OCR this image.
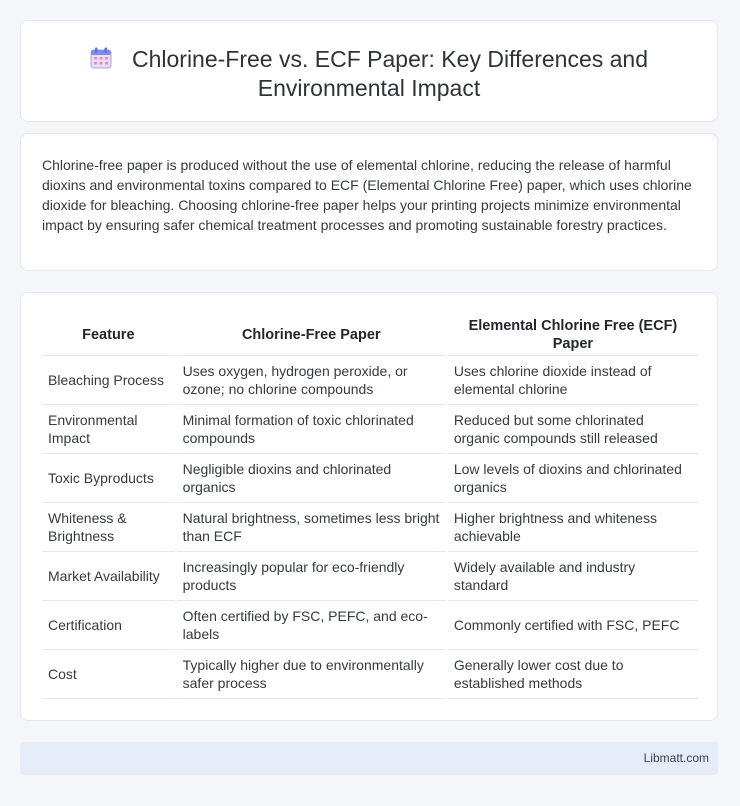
Chlorine-Free vs. ECF Paper: Key Differences and Environmental Impact
Chlorine-free paper is produced without the use of elemental chlorine, reducing the release of harmful dioxins and environmental toxins compared to ECF (Elemental Chlorine Free) paper, which uses chlorine dioxide for bleaching. Choosing chlorine-free paper helps your printing projects minimize environmental impact by ensuring safer chemical treatment processes and promoting sustainable forestry practices.
Feature	Chlorine-Free Paper	Elemental Chlorine Free (ECF) Paper
Bleaching Process	Uses oxygen, hydrogen peroxide, or ozone; no chlorine compounds	Uses chlorine dioxide instead of elemental chlorine
Environmental Impact	Minimal formation of toxic chlorinated compounds	Reduced but some chlorinated organic compounds still released
Toxic Byproducts	Negligible dioxins and chlorinated organics	Low levels of dioxins and chlorinated organics
Whiteness & Brightness	Natural brightness, sometimes less bright than ECF	Higher brightness and whiteness achievable
Market Availability	Increasingly popular for eco-friendly products	Widely available and industry standard
Certification	Often certified by FSC, PEFC, and eco-labels	Commonly certified with FSC, PEFC
Cost	Typically higher due to environmentally safer process	Generally lower cost due to established methods
Libmatt.com
